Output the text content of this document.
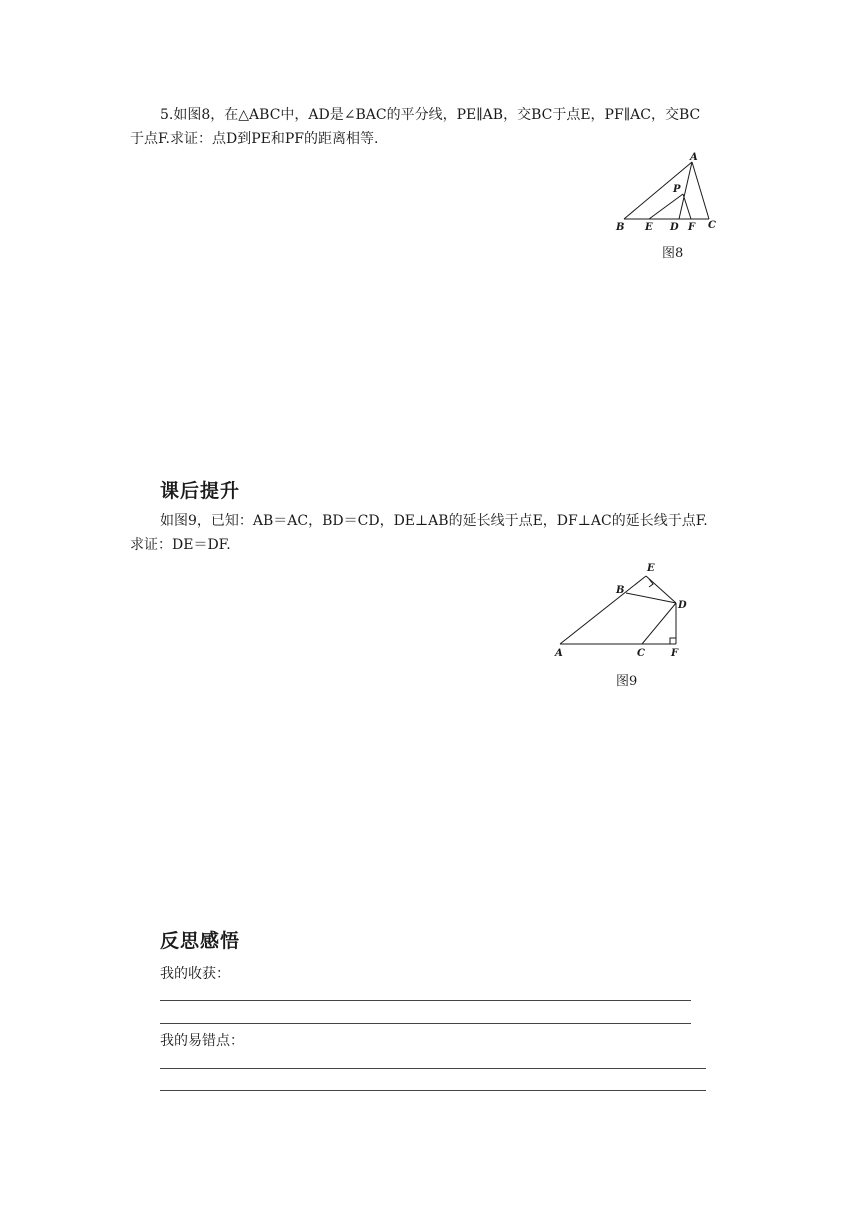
5.如图8，在△ABC中，AD是∠BAC的平分线，PE∥AB，交BC于点E，PF∥AC，交BC
于点F.求证：点D到PE和PF的距离相等.
A
P
B E D F C
图8
课后提升
如图9，已知：AB＝AC，BD＝CD，DE⊥AB的延长线于点E，DF⊥AC的延长线于点F.
求证：DE＝DF.
E
B
D
A	C	F
图9
反思感悟
我的收获：
我的易错点：
